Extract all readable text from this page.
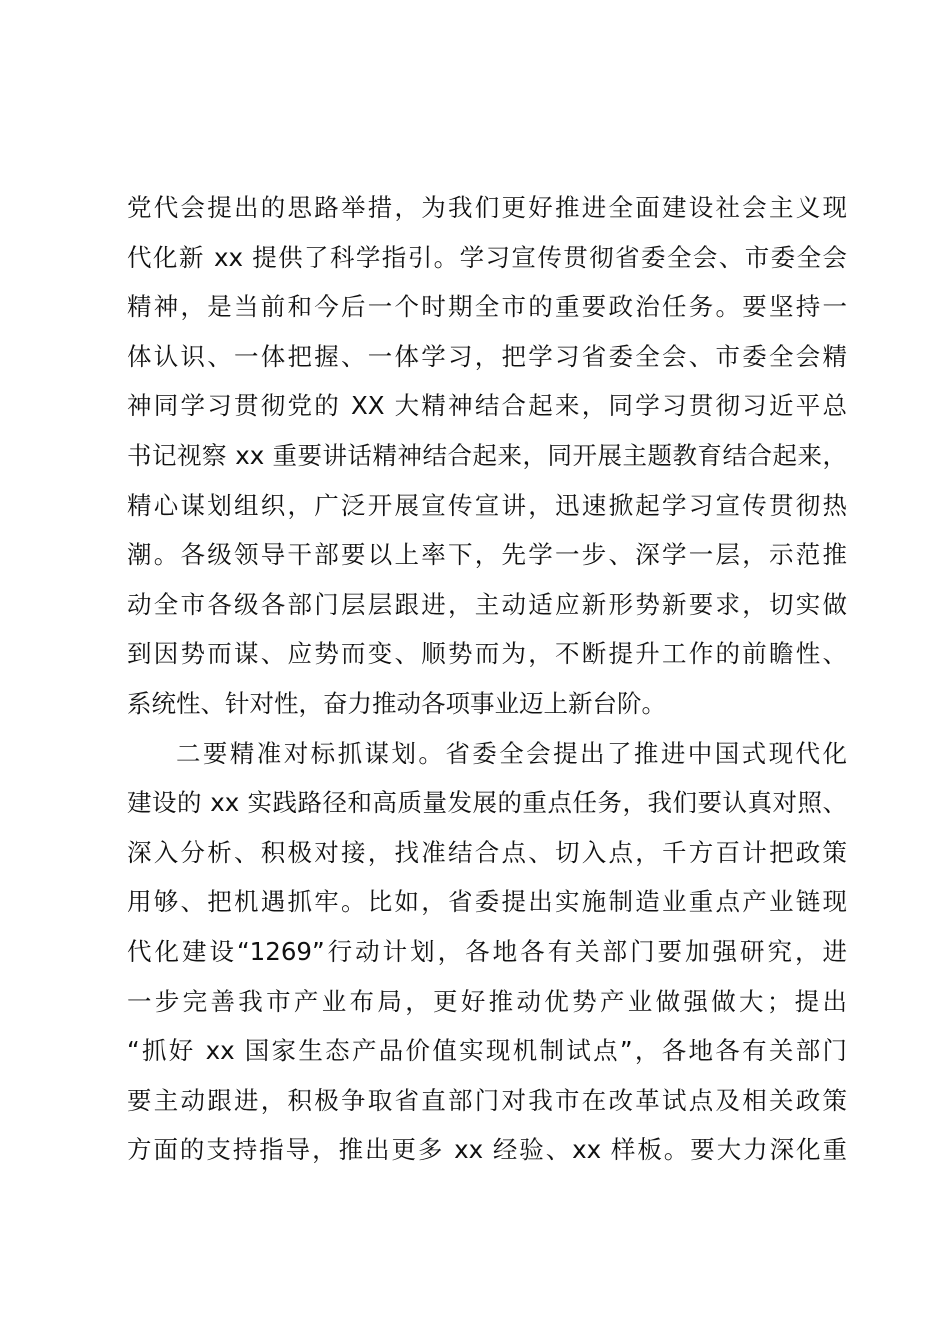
党代会提出的思路举措，为我们更好推进全面建设社会主义现
代化新 xx 提供了科学指引。学习宣传贯彻省委全会、市委全会
精神，是当前和今后一个时期全市的重要政治任务。要坚持一
体认识、一体把握、一体学习，把学习省委全会、市委全会精
神同学习贯彻党的 XX 大精神结合起来，同学习贯彻习近平总
书记视察 xx 重要讲话精神结合起来，同开展主题教育结合起来，
精心谋划组织，广泛开展宣传宣讲，迅速掀起学习宣传贯彻热
潮。各级领导干部要以上率下，先学一步、深学一层，示范推
动全市各级各部门层层跟进，主动适应新形势新要求，切实做
到因势而谋、应势而变、顺势而为，不断提升工作的前瞻性、
系统性、针对性，奋力推动各项事业迈上新台阶。
二要精准对标抓谋划。省委全会提出了推进中国式现代化
建设的 xx 实践路径和高质量发展的重点任务，我们要认真对照、
深入分析、积极对接，找准结合点、切入点，千方百计把政策
用够、把机遇抓牢。比如，省委提出实施制造业重点产业链现
代化建设“1269”行动计划，各地各有关部门要加强研究，进
一步完善我市产业布局，更好推动优势产业做强做大；提出
“抓好 xx 国家生态产品价值实现机制试点”，各地各有关部门
要主动跟进，积极争取省直部门对我市在改革试点及相关政策
方面的支持指导，推出更多 xx 经验、xx 样板。要大力深化重
